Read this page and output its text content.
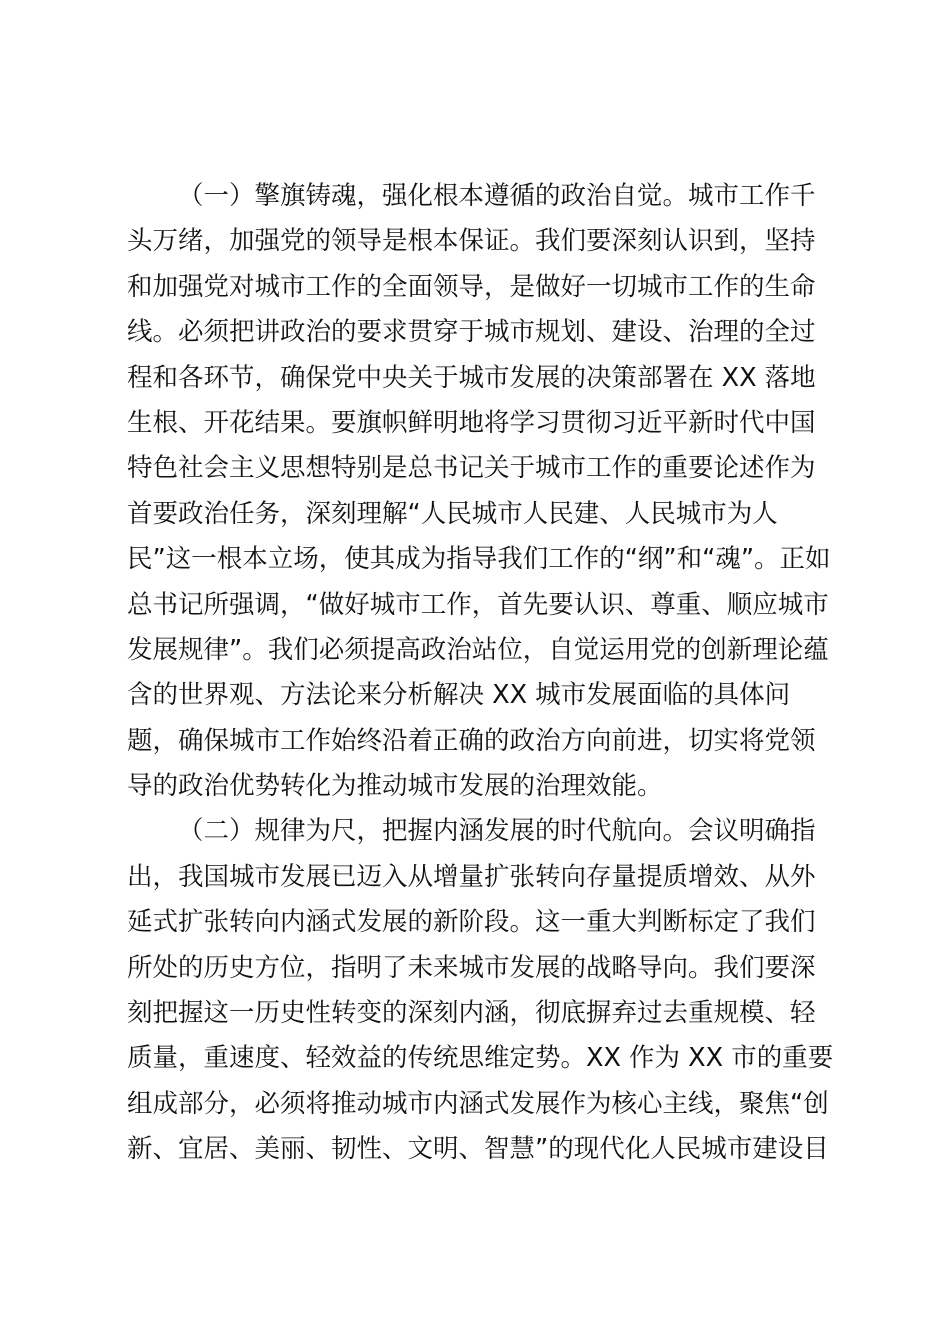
（一）擎旗铸魂，强化根本遵循的政治自觉。城市工作千
头万绪，加强党的领导是根本保证。我们要深刻认识到，坚持
和加强党对城市工作的全面领导，是做好一切城市工作的生命
线。必须把讲政治的要求贯穿于城市规划、建设、治理的全过
程和各环节，确保党中央关于城市发展的决策部署在 XX 落地
生根、开花结果。要旗帜鲜明地将学习贯彻习近平新时代中国
特色社会主义思想特别是总书记关于城市工作的重要论述作为
首要政治任务，深刻理解“人民城市人民建、人民城市为人
民”这一根本立场，使其成为指导我们工作的“纲”和“魂”。正如
总书记所强调，“做好城市工作，首先要认识、尊重、顺应城市
发展规律”。我们必须提高政治站位，自觉运用党的创新理论蕴
含的世界观、方法论来分析解决 XX 城市发展面临的具体问
题，确保城市工作始终沿着正确的政治方向前进，切实将党领
导的政治优势转化为推动城市发展的治理效能。
（二）规律为尺，把握内涵发展的时代航向。会议明确指
出，我国城市发展已迈入从增量扩张转向存量提质增效、从外
延式扩张转向内涵式发展的新阶段。这一重大判断标定了我们
所处的历史方位，指明了未来城市发展的战略导向。我们要深
刻把握这一历史性转变的深刻内涵，彻底摒弃过去重规模、轻
质量，重速度、轻效益的传统思维定势。XX 作为 XX 市的重要
组成部分，必须将推动城市内涵式发展作为核心主线，聚焦“创
新、宜居、美丽、韧性、文明、智慧”的现代化人民城市建设目
